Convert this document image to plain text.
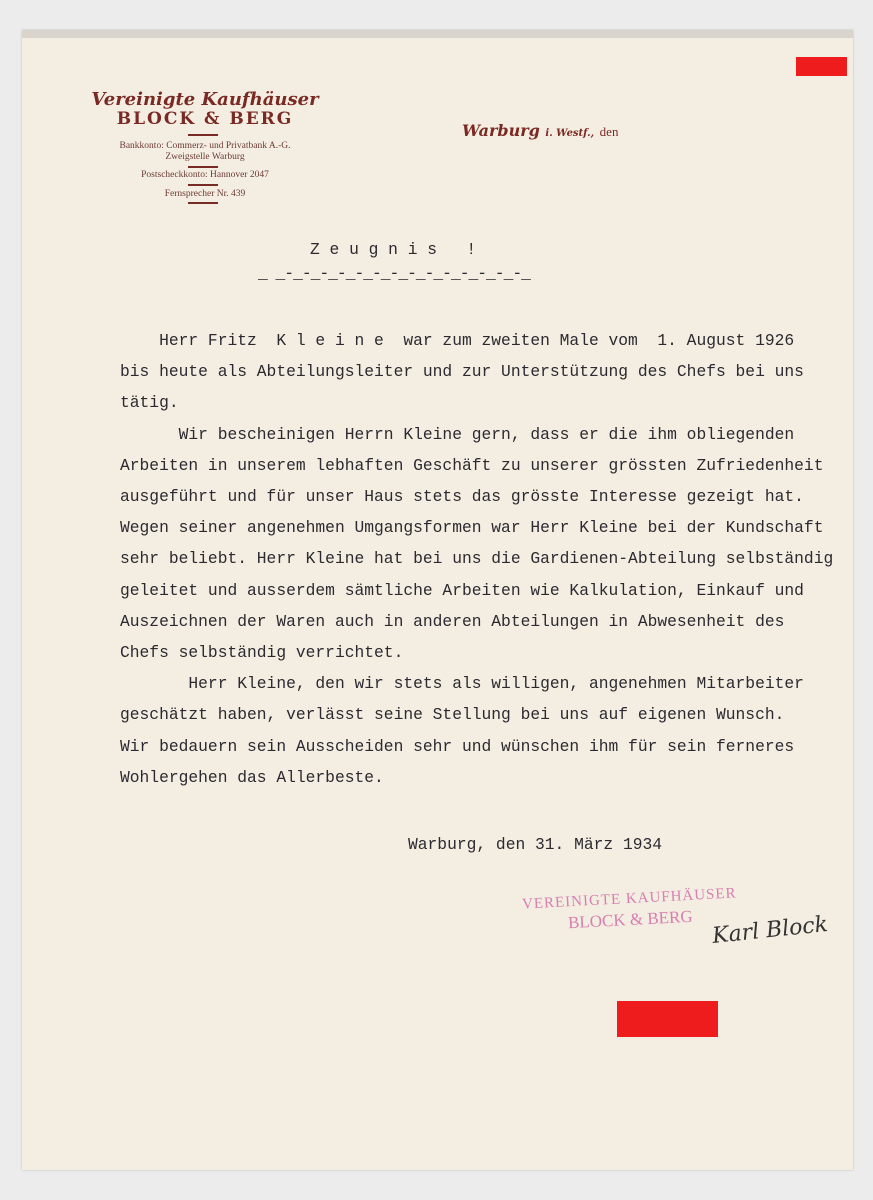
Vereinigte Kaufhäuser
BLOCK & BERG
Bankkonto: Commerz- und Privatbank A.-G.
Zweigstelle Warburg
Postscheckkonto: Hannover 2047
Fernsprecher Nr. 439
Warburg i. Westf., den
Z e u g n i s   !
_ _-_-_-_-_-_-_-_-_-_-_-_-_-_-_
Herr Fritz  K l e i n e  war zum zweiten Male vom  1. August 1926
bis heute als Abteilungsleiter und zur Unterstützung des Chefs bei uns
tätig.
Wir bescheinigen Herrn Kleine gern, dass er die ihm obliegenden
Arbeiten in unserem lebhaften Geschäft zu unserer grössten Zufriedenheit
ausgeführt und für unser Haus stets das grösste Interesse gezeigt hat.
Wegen seiner angenehmen Umgangsformen war Herr Kleine bei der Kundschaft
sehr beliebt. Herr Kleine hat bei uns die Gardienen-Abteilung selbständig
geleitet und ausserdem sämtliche Arbeiten wie Kalkulation, Einkauf und
Auszeichnen der Waren auch in anderen Abteilungen in Abwesenheit des
Chefs selbständig verrichtet.
Herr Kleine, den wir stets als willigen, angenehmen Mitarbeiter
geschätzt haben, verlässt seine Stellung bei uns auf eigenen Wunsch.
Wir bedauern sein Ausscheiden sehr und wünschen ihm für sein ferneres
Wohlergehen das Allerbeste.
Warburg, den 31. März 1934
VEREINIGTE KAUFHÄUSER
BLOCK & BERG Karl Block
